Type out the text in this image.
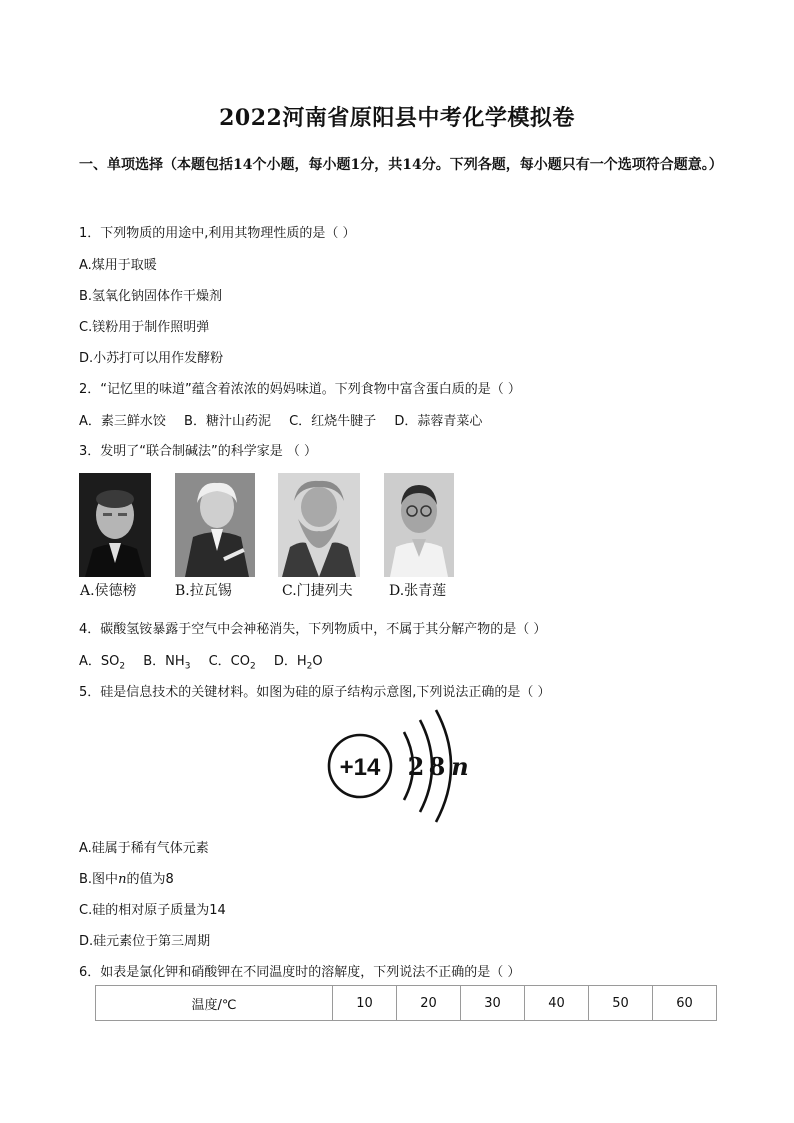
2022河南省原阳县中考化学模拟卷
一、单项选择（本题包括14个小题，每小题1分，共14分。下列各题，每小题只有一个选项符合题意。）
1．下列物质的用途中,利用其物理性质的是（ ）
A.煤用于取暖
B.氢氧化钠固体作干燥剂
C.镁粉用于制作照明弹
D.小苏打可以用作发酵粉
2．“记忆里的味道”蕴含着浓浓的妈妈味道。下列食物中富含蛋白质的是（ ）
A．素三鲜水饺 B．糖汁山药泥 C．红烧牛腱子 D．蒜蓉青菜心
3．发明了“联合制碱法”的科学家是 （ ）
A.侯德榜	B.拉瓦锡	C.门捷列夫	D.张青莲
4．碳酸氢铵暴露于空气中会神秘消失，下列物质中，不属于其分解产物的是（ ）
A．$SO_2$ B．$NH_3$ C．$CO_2$ D．$H_2O$
5．硅是信息技术的关键材料。如图为硅的原子结构示意图,下列说法正确的是（ ）
+14 2 8 n
A.硅属于稀有气体元素
B.图中n的值为8
C.硅的相对原子质量为14
D.硅元素位于第三周期
6．如表是氯化钾和硝酸钾在不同温度时的溶解度，下列说法不正确的是（ ）
温度/℃	10	20	30	40	50	60
